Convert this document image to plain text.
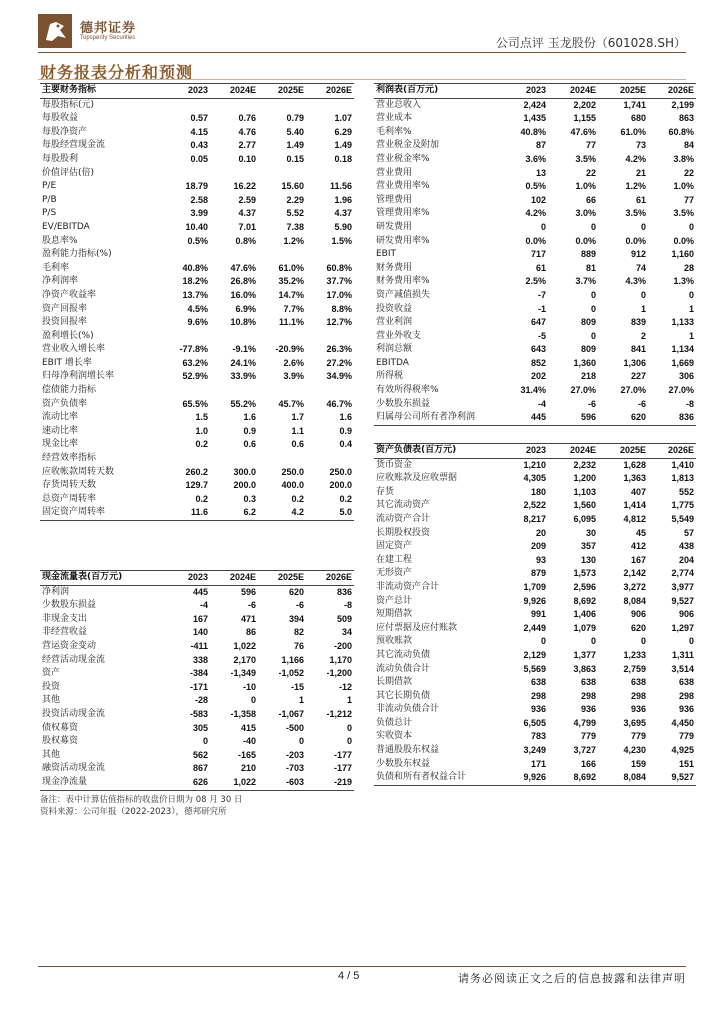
德邦证券
Topsperity Securities	公司点评 玉龙股份（601028.SH）
财务报表分析和预测
主要财务指标	2023	2024E	2025E	2026E
每股指标(元)				
每股收益	0.57	0.76	0.79	1.07
每股净资产	4.15	4.76	5.40	6.29
每股经营现金流	0.43	2.77	1.49	1.49
每股股利	0.05	0.10	0.15	0.18
价值评估(倍)				
P/E	18.79	16.22	15.60	11.56
P/B	2.58	2.59	2.29	1.96
P/S	3.99	4.37	5.52	4.37
EV/EBITDA	10.40	7.01	7.38	5.90
股息率%	0.5%	0.8%	1.2%	1.5%
盈利能力指标(%)				
毛利率	40.8%	47.6%	61.0%	60.8%
净利润率	18.2%	26.8%	35.2%	37.7%
净资产收益率	13.7%	16.0%	14.7%	17.0%
资产回报率	4.5%	6.9%	7.7%	8.8%
投资回报率	9.6%	10.8%	11.1%	12.7%
盈利增长(%)				
营业收入增长率	-77.8%	-9.1%	-20.9%	26.3%
EBIT 增长率	63.2%	24.1%	2.6%	27.2%
归母净利润增长率	52.9%	33.9%	3.9%	34.9%
偿债能力指标				
资产负债率	65.5%	55.2%	45.7%	46.7%
流动比率	1.5	1.6	1.7	1.6
速动比率	1.0	0.9	1.1	0.9
现金比率	0.2	0.6	0.6	0.4
经营效率指标				
应收帐款周转天数	260.2	300.0	250.0	250.0
存货周转天数	129.7	200.0	400.0	200.0
总资产周转率	0.2	0.3	0.2	0.2
固定资产周转率	11.6	6.2	4.2	5.0
利润表(百万元)	2023	2024E	2025E	2026E
营业总收入	2,424	2,202	1,741	2,199
营业成本	1,435	1,155	680	863
毛利率%	40.8%	47.6%	61.0%	60.8%
营业税金及附加	87	77	73	84
营业税金率%	3.6%	3.5%	4.2%	3.8%
营业费用	13	22	21	22
营业费用率%	0.5%	1.0%	1.2%	1.0%
管理费用	102	66	61	77
管理费用率%	4.2%	3.0%	3.5%	3.5%
研发费用	0	0	0	0
研发费用率%	0.0%	0.0%	0.0%	0.0%
EBIT	717	889	912	1,160
财务费用	61	81	74	28
财务费用率%	2.5%	3.7%	4.3%	1.3%
资产减值损失	-7	0	0	0
投资收益	-1	0	1	1
营业利润	647	809	839	1,133
营业外收支	-5	0	2	1
利润总额	643	809	841	1,134
EBITDA	852	1,360	1,306	1,669
所得税	202	218	227	306
有效所得税率%	31.4%	27.0%	27.0%	27.0%
少数股东损益	-4	-6	-6	-8
归属母公司所有者净利润	445	596	620	836
资产负债表(百万元)	2023	2024E	2025E	2026E
货币资金	1,210	2,232	1,628	1,410
应收账款及应收票据	4,305	1,200	1,363	1,813
存货	180	1,103	407	552
其它流动资产	2,522	1,560	1,414	1,775
流动资产合计	8,217	6,095	4,812	5,549
长期股权投资	20	30	45	57
固定资产	209	357	412	438
在建工程	93	130	167	204
无形资产	879	1,573	2,142	2,774
非流动资产合计	1,709	2,596	3,272	3,977
资产总计	9,926	8,692	8,084	9,527
短期借款	991	1,406	906	906
应付票据及应付账款	2,449	1,079	620	1,297
预收账款	0	0	0	0
其它流动负债	2,129	1,377	1,233	1,311
流动负债合计	5,569	3,863	2,759	3,514
长期借款	638	638	638	638
其它长期负债	298	298	298	298
非流动负债合计	936	936	936	936
负债总计	6,505	4,799	3,695	4,450
实收资本	783	779	779	779
普通股股东权益	3,249	3,727	4,230	4,925
少数股东权益	171	166	159	151
负债和所有者权益合计	9,926	8,692	8,084	9,527
现金流量表(百万元)	2023	2024E	2025E	2026E
净利润	445	596	620	836
少数股东损益	-4	-6	-6	-8
非现金支出	167	471	394	509
非经营收益	140	86	82	34
营运资金变动	-411	1,022	76	-200
经营活动现金流	338	2,170	1,166	1,170
资产	-384	-1,349	-1,052	-1,200
投资	-171	-10	-15	-12
其他	-28	0	1	1
投资活动现金流	-583	-1,358	-1,067	-1,212
债权募资	305	415	-500	0
股权募资	0	-40	0	0
其他	562	-165	-203	-177
融资活动现金流	867	210	-703	-177
现金净流量	626	1,022	-603	-219
备注：表中计算估值指标的收盘价日期为 08 月 30 日
资料来源：公司年报（2022-2023），德邦研究所
4 / 5	请务必阅读正文之后的信息披露和法律声明
